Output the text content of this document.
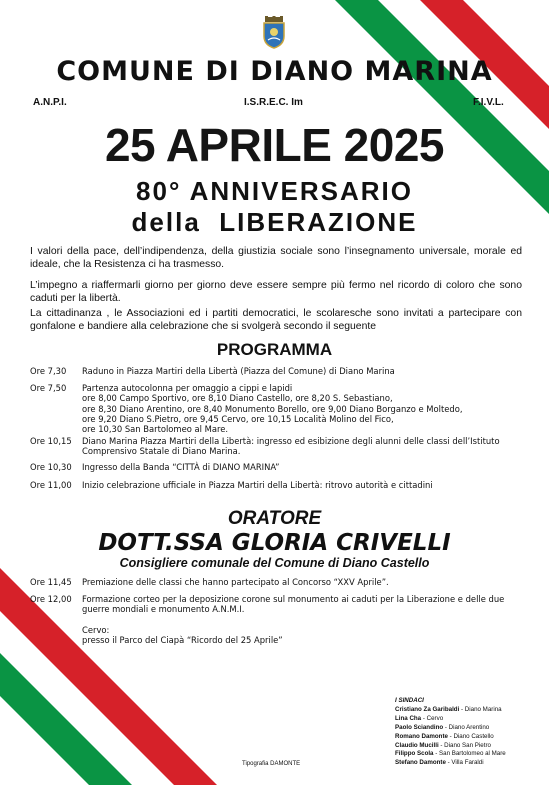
COMUNE DI DIANO MARINA
A.N.P.I.	I.S.R.E.C. Im	F.I.V.L.
25 APRILE 2025
80° ANNIVERSARIO
della  LIBERAZIONE
I valori della pace, dell’indipendenza, della giustizia sociale sono l’insegnamento universale, morale ed ideale, che la Resistenza ci ha trasmesso.
L’impegno a riaffermarli giorno per giorno deve essere sempre più fermo nel ricordo di coloro che sono caduti per la libertà.
La cittadinanza , le Associazioni ed i partiti democratici, le scolaresche sono invitati a partecipare con gonfalone e bandiere alla celebrazione che si svolgerà secondo il seguente
PROGRAMMA
Ore 7,30	Raduno in Piazza Martiri della Libertà (Piazza del Comune) di Diano Marina
Ore 7,50	Partenza autocolonna per omaggio a cippi e lapidi
ore 8,00 Campo Sportivo, ore 8,10 Diano Castello, ore 8,20 S. Sebastiano,
ore 8,30 Diano Arentino, ore 8,40 Monumento Borello, ore 9,00 Diano Borganzo e Moltedo,
ore 9,20 Diano S.Pietro, ore 9,45 Cervo, ore 10,15 Località Molino del Fico,
ore 10,30 San Bartolomeo al Mare.
Ore 10,15	Diano Marina Piazza Martiri della Libertà: ingresso ed esibizione degli alunni delle classi dell’Istituto Comprensivo Statale di Diano Marina.
Ore 10,30	Ingresso della Banda “CITTÀ di DIANO MARINA”
Ore 11,00	Inizio celebrazione ufficiale in Piazza Martiri della Libertà: ritrovo autorità e cittadini
ORATORE
DOTT.SSA GLORIA CRIVELLI
Consigliere comunale del Comune di Diano Castello
Ore 11,45	Premiazione delle classi che hanno partecipato al Concorso “XXV Aprile”.
Ore 12,00	Formazione corteo per la deposizione corone sul monumento ai caduti per la Liberazione e delle due guerre mondiali e monumento A.N.M.I.

Cervo:
presso il Parco del Ciapà “Ricordo del 25 Aprile”
I SINDACI
Cristiano Za Garibaldi - Diano Marina
Lina Cha - Cervo
Paolo Sciandino - Diano Arentino
Romano Damonte - Diano Castello
Claudio Mucilli - Diano San Pietro
Filippo Scola - San Bartolomeo al Mare
Stefano Damonte - Villa Faraldi
Tipografia DAMONTE
